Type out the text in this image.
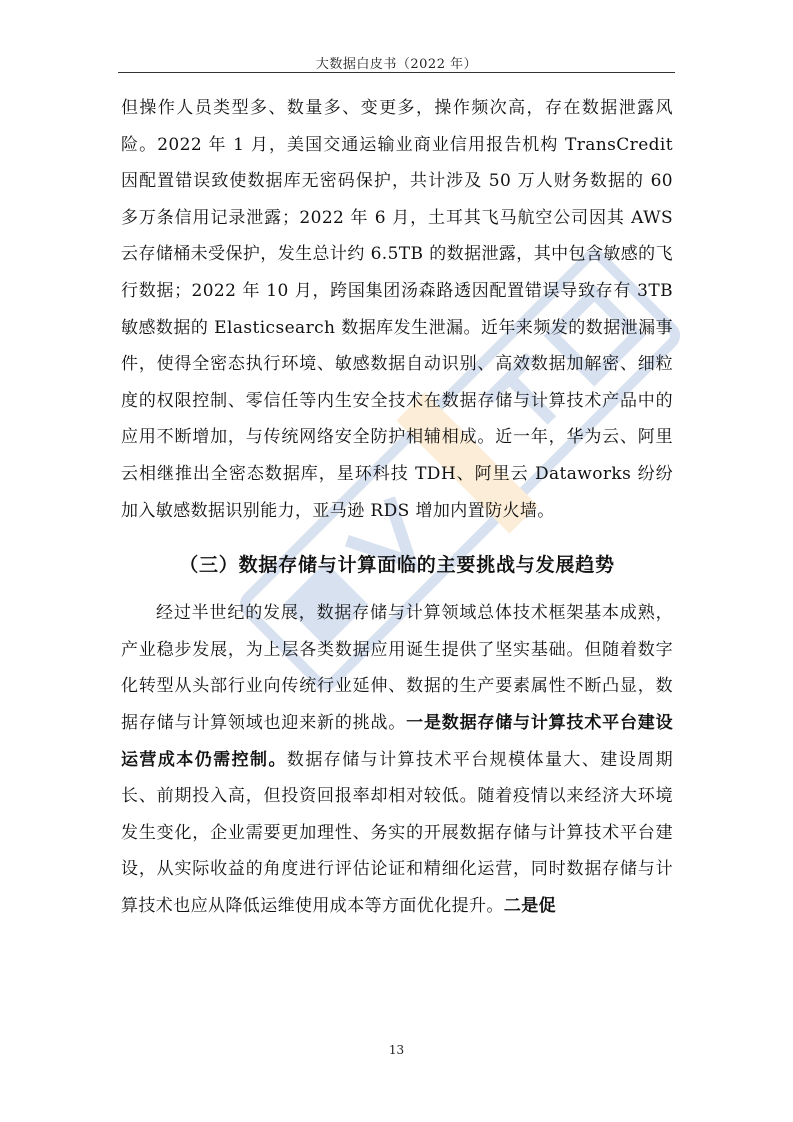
大数据白皮书（2022 年）

但操作人员类型多、数量多、变更多，操作频次高，存在数据泄露风险。2022 年 1 月，美国交通运输业商业信用报告机构 TransCredit 因配置错误致使数据库无密码保护，共计涉及 50 万人财务数据的 60 多万条信用记录泄露；2022 年 6 月，土耳其飞马航空公司因其 AWS 云存储桶未受保护，发生总计约 6.5TB 的数据泄露，其中包含敏感的飞行数据；2022 年 10 月，跨国集团汤森路透因配置错误导致存有 3TB 敏感数据的 Elasticsearch 数据库发生泄漏。近年来频发的数据泄漏事件，使得全密态执行环境、敏感数据自动识别、高效数据加解密、细粒度的权限控制、零信任等内生安全技术在数据存储与计算技术产品中的应用不断增加，与传统网络安全防护相辅相成。近一年，华为云、阿里云相继推出全密态数据库，星环科技 TDH、阿里云 Dataworks 纷纷加入敏感数据识别能力，亚马逊 RDS 增加内置防火墙。

（三）数据存储与计算面临的主要挑战与发展趋势

经过半世纪的发展，数据存储与计算领域总体技术框架基本成熟，产业稳步发展，为上层各类数据应用诞生提供了坚实基础。但随着数字化转型从头部行业向传统行业延伸、数据的生产要素属性不断凸显，数据存储与计算领域也迎来新的挑战。一是数据存储与计算技术平台建设运营成本仍需控制。数据存储与计算技术平台规模体量大、建设周期长、前期投入高，但投资回报率却相对较低。随着疫情以来经济大环境发生变化，企业需要更加理性、务实的开展数据存储与计算技术平台建设，从实际收益的角度进行评估论证和精细化运营，同时数据存储与计算技术也应从降低运维使用成本等方面优化提升。二是促

13
